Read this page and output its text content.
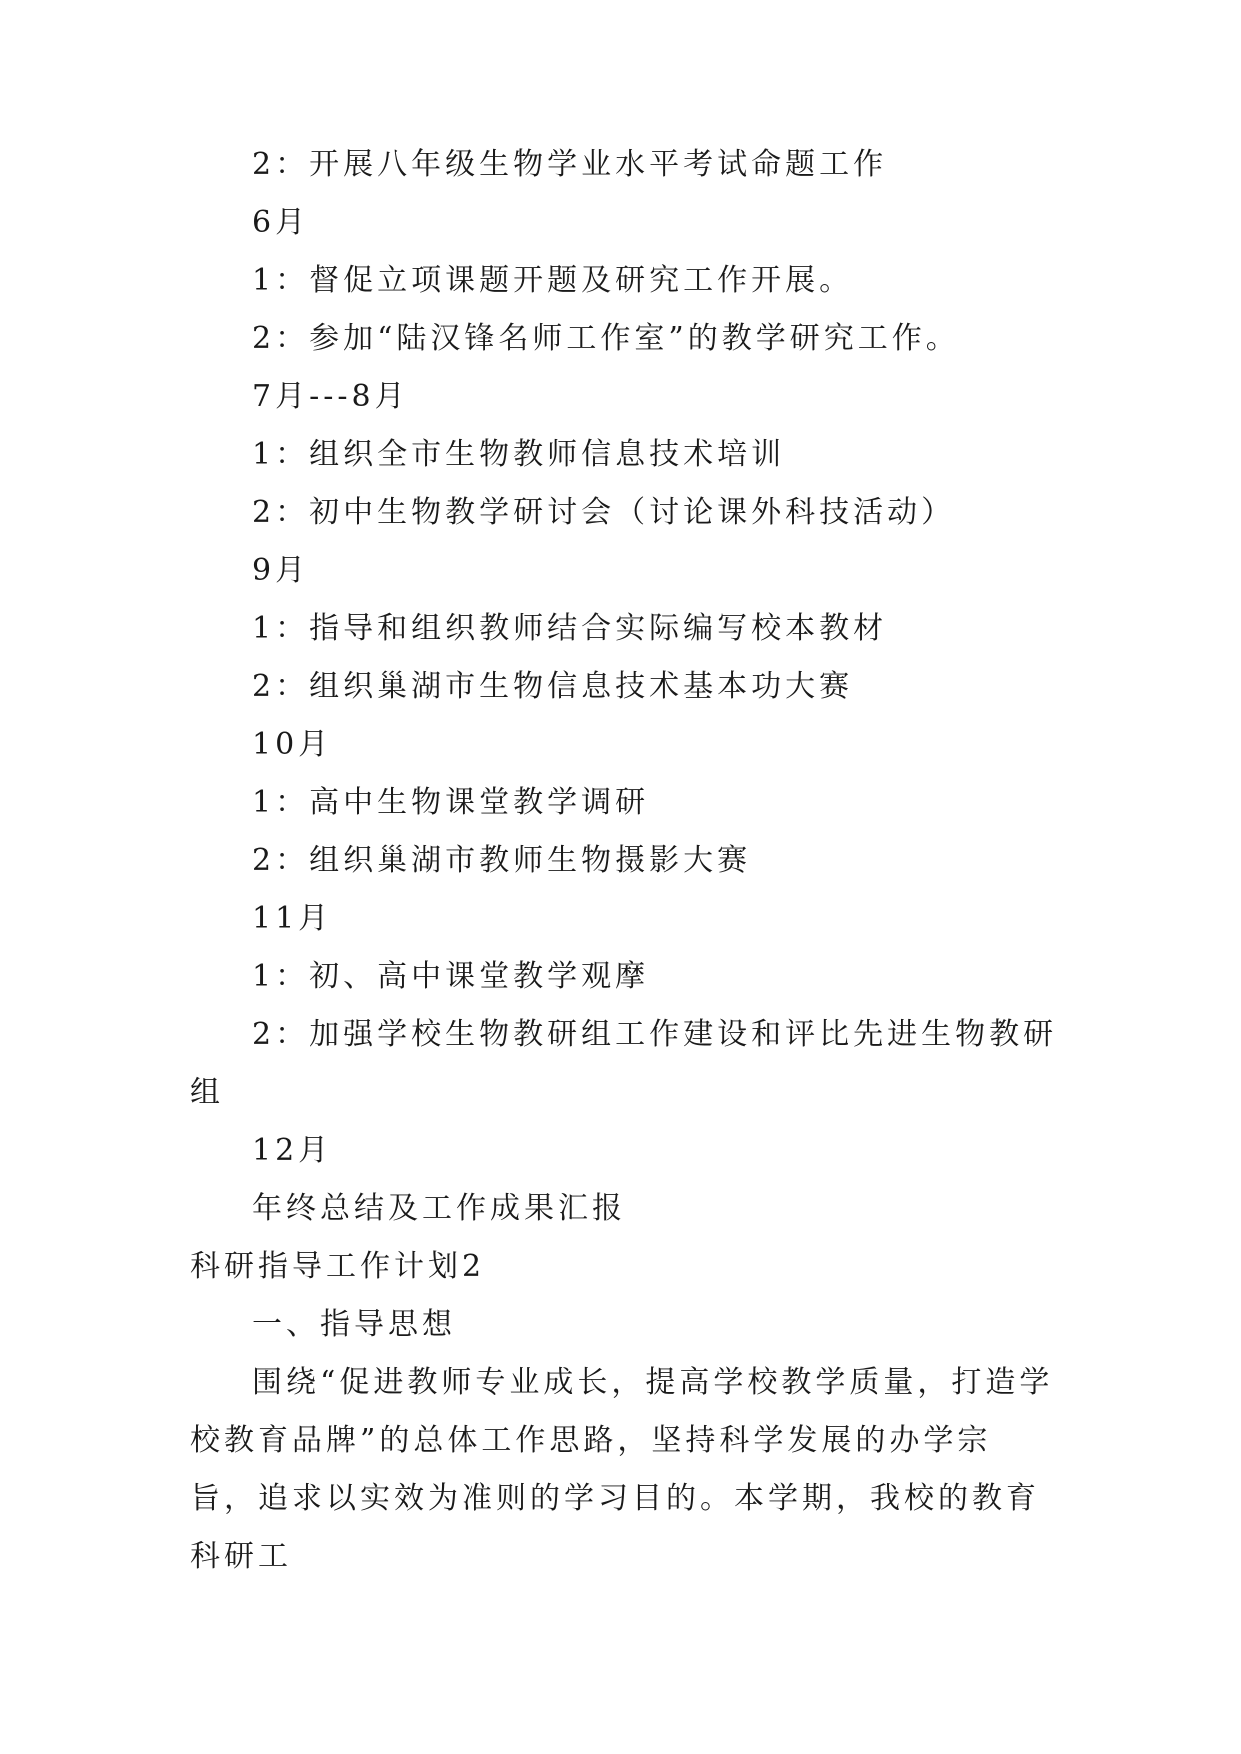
2：开展八年级生物学业水平考试命题工作
6月
1：督促立项课题开题及研究工作开展。
2：参加“陆汉锋名师工作室”的教学研究工作。
7月---8月
1：组织全市生物教师信息技术培训
2：初中生物教学研讨会（讨论课外科技活动）
9月
1：指导和组织教师结合实际编写校本教材
2：组织巢湖市生物信息技术基本功大赛
10月
1：高中生物课堂教学调研
2：组织巢湖市教师生物摄影大赛
11月
1：初、高中课堂教学观摩
2：加强学校生物教研组工作建设和评比先进生物教研组
12月
年终总结及工作成果汇报
科研指导工作计划2
一、指导思想
围绕“促进教师专业成长，提高学校教学质量，打造学校教育品牌”的总体工作思路，坚持科学发展的办学宗旨，追求以实效为准则的学习目的。本学期，我校的教育科研工
